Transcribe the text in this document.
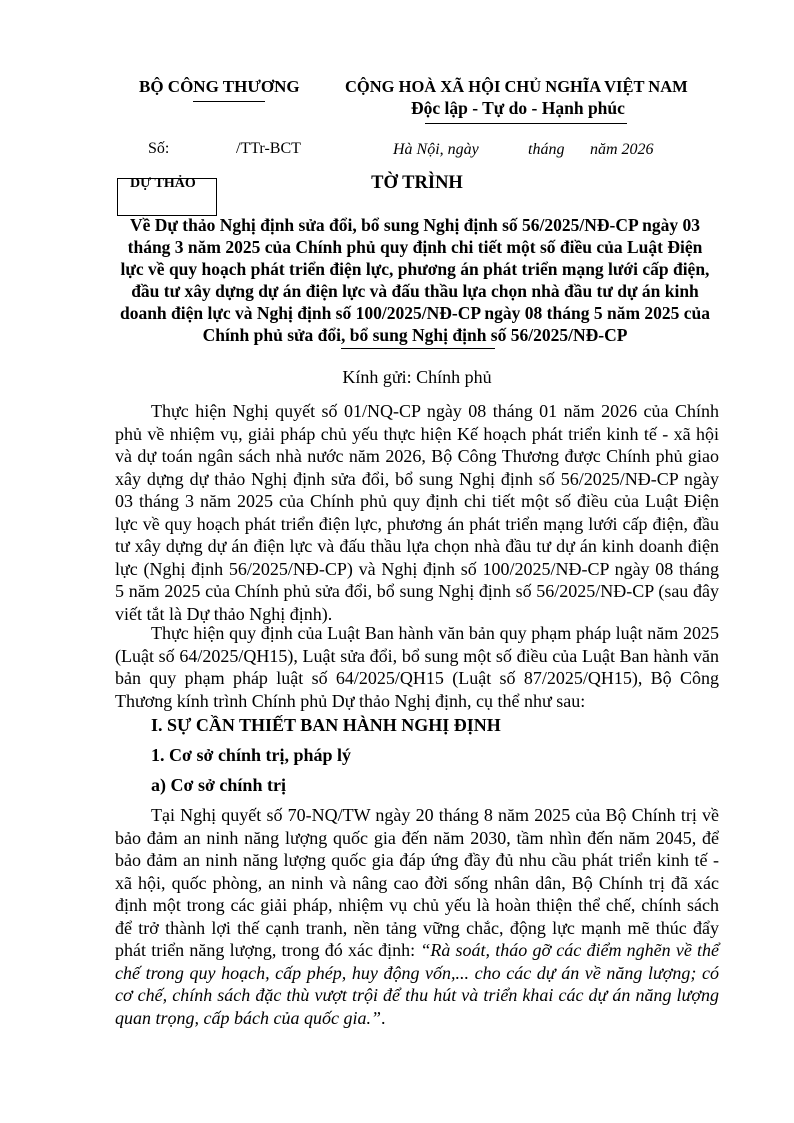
BỘ CÔNG THƯƠNG	CỘNG HOÀ XÃ HỘI CHỦ NGHĨA VIỆT NAM
Độc lập - Tự do - Hạnh phúc
Số:	/TTr-BCT	Hà Nội, ngày	tháng năm 2026
DỰ THẢO	TỜ TRÌNH
Về Dự thảo Nghị định sửa đổi, bổ sung Nghị định số 56/2025/NĐ-CP ngày 03 tháng 3 năm 2025 của Chính phủ quy định chi tiết một số điều của Luật Điện lực về quy hoạch phát triển điện lực, phương án phát triển mạng lưới cấp điện, đầu tư xây dựng dự án điện lực và đấu thầu lựa chọn nhà đầu tư dự án kinh doanh điện lực và Nghị định số 100/2025/NĐ-CP ngày 08 tháng 5 năm 2025 của Chính phủ sửa đổi, bổ sung Nghị định số 56/2025/NĐ-CP
Kính gửi: Chính phủ

Thực hiện Nghị quyết số 01/NQ-CP ngày 08 tháng 01 năm 2026 của Chính phủ về nhiệm vụ, giải pháp chủ yếu thực hiện Kế hoạch phát triển kinh tế - xã hội và dự toán ngân sách nhà nước năm 2026, Bộ Công Thương được Chính phủ giao xây dựng dự thảo Nghị định sửa đổi, bổ sung Nghị định số 56/2025/NĐ-CP ngày 03 tháng 3 năm 2025 của Chính phủ quy định chi tiết một số điều của Luật Điện lực về quy hoạch phát triển điện lực, phương án phát triển mạng lưới cấp điện, đầu tư xây dựng dự án điện lực và đấu thầu lựa chọn nhà đầu tư dự án kinh doanh điện lực (Nghị định 56/2025/NĐ-CP) và Nghị định số 100/2025/NĐ-CP ngày 08 tháng 5 năm 2025 của Chính phủ sửa đổi, bổ sung Nghị định số 56/2025/NĐ-CP (sau đây viết tắt là Dự thảo Nghị định).

Thực hiện quy định của Luật Ban hành văn bản quy phạm pháp luật năm 2025 (Luật số 64/2025/QH15), Luật sửa đổi, bổ sung một số điều của Luật Ban hành văn bản quy phạm pháp luật số 64/2025/QH15 (Luật số 87/2025/QH15), Bộ Công Thương kính trình Chính phủ Dự thảo Nghị định, cụ thể như sau:

I. SỰ CẦN THIẾT BAN HÀNH NGHỊ ĐỊNH
1. Cơ sở chính trị, pháp lý
a) Cơ sở chính trị

Tại Nghị quyết số 70-NQ/TW ngày 20 tháng 8 năm 2025 của Bộ Chính trị về bảo đảm an ninh năng lượng quốc gia đến năm 2030, tầm nhìn đến năm 2045, để bảo đảm an ninh năng lượng quốc gia đáp ứng đầy đủ nhu cầu phát triển kinh tế - xã hội, quốc phòng, an ninh và nâng cao đời sống nhân dân, Bộ Chính trị đã xác định một trong các giải pháp, nhiệm vụ chủ yếu là hoàn thiện thể chế, chính sách để trở thành lợi thế cạnh tranh, nền tảng vững chắc, động lực mạnh mẽ thúc đẩy phát triển năng lượng, trong đó xác định: “Rà soát, tháo gỡ các điểm nghẽn về thể chế trong quy hoạch, cấp phép, huy động vốn,... cho các dự án về năng lượng; có cơ chế, chính sách đặc thù vượt trội để thu hút và triển khai các dự án năng lượng quan trọng, cấp bách của quốc gia.”.
